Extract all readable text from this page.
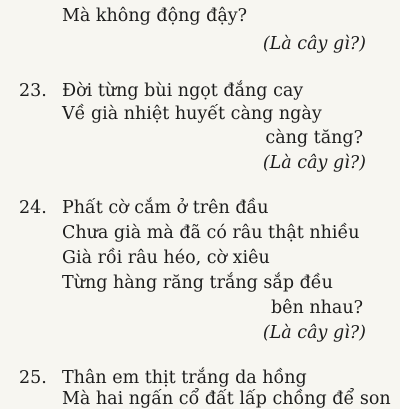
Mà không động đậy?
(Là cây gì?)
23. Đời từng bùi ngọt đắng cay
Về già nhiệt huyết càng ngày
càng tăng?
(Là cây gì?)
24. Phất cờ cắm ở trên đầu
Chưa già mà đã có râu thật nhiều
Già rồi râu héo, cờ xiêu
Từng hàng răng trắng sắp đều
bên nhau?
(Là cây gì?)
25. Thân em thịt trắng da hồng
Mà hai ngấn cổ đất lấp chồng để son
